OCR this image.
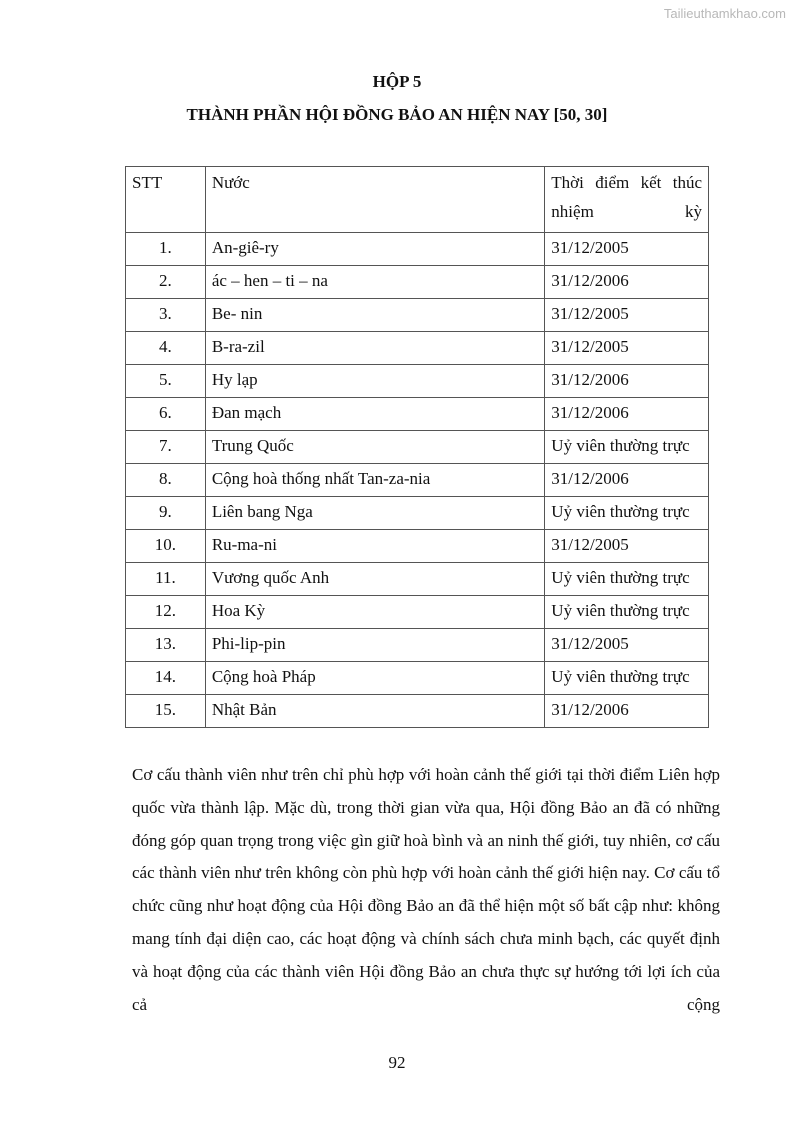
Tailieuthamkhao.com

HỘP 5

THÀNH PHẦN HỘI ĐỒNG BẢO AN HIỆN NAY [50, 30]

STT	Nước	Thời điểm kết thúc nhiệm kỳ

1.	An-giê-ry	31/12/2005
2.	ác – hen – ti – na	31/12/2006
3.	Be- nin	31/12/2005
4.	B-ra-zil	31/12/2005
5.	Hy lạp	31/12/2006
6.	Đan mạch	31/12/2006
7.	Trung Quốc	Uỷ viên thường trực
8.	Cộng hoà thống nhất Tan-za-nia	31/12/2006
9.	Liên bang Nga	Uỷ viên thường trực
10.	Ru-ma-ni	31/12/2005
11.	Vương quốc Anh	Uỷ viên thường trực
12.	Hoa Kỳ	Uỷ viên thường trực
13.	Phi-lip-pin	31/12/2005
14.	Cộng hoà Pháp	Uỷ viên thường trực
15.	Nhật Bản	31/12/2006

Cơ cấu thành viên như trên chỉ phù hợp với hoàn cảnh thế giới tại thời điểm Liên hợp quốc vừa thành lập. Mặc dù, trong thời gian vừa qua, Hội đồng Bảo an đã có những đóng góp quan trọng trong việc gìn giữ hoà bình và an ninh thế giới, tuy nhiên, cơ cấu các thành viên như trên không còn phù hợp với hoàn cảnh thế giới hiện nay. Cơ cấu tổ chức cũng như hoạt động của Hội đồng Bảo an đã thể hiện một số bất cập như: không mang tính đại diện cao, các hoạt động và chính sách chưa minh bạch, các quyết định và hoạt động của các thành viên Hội đồng Bảo an chưa thực sự hướng tới lợi ích của cả cộng

92
